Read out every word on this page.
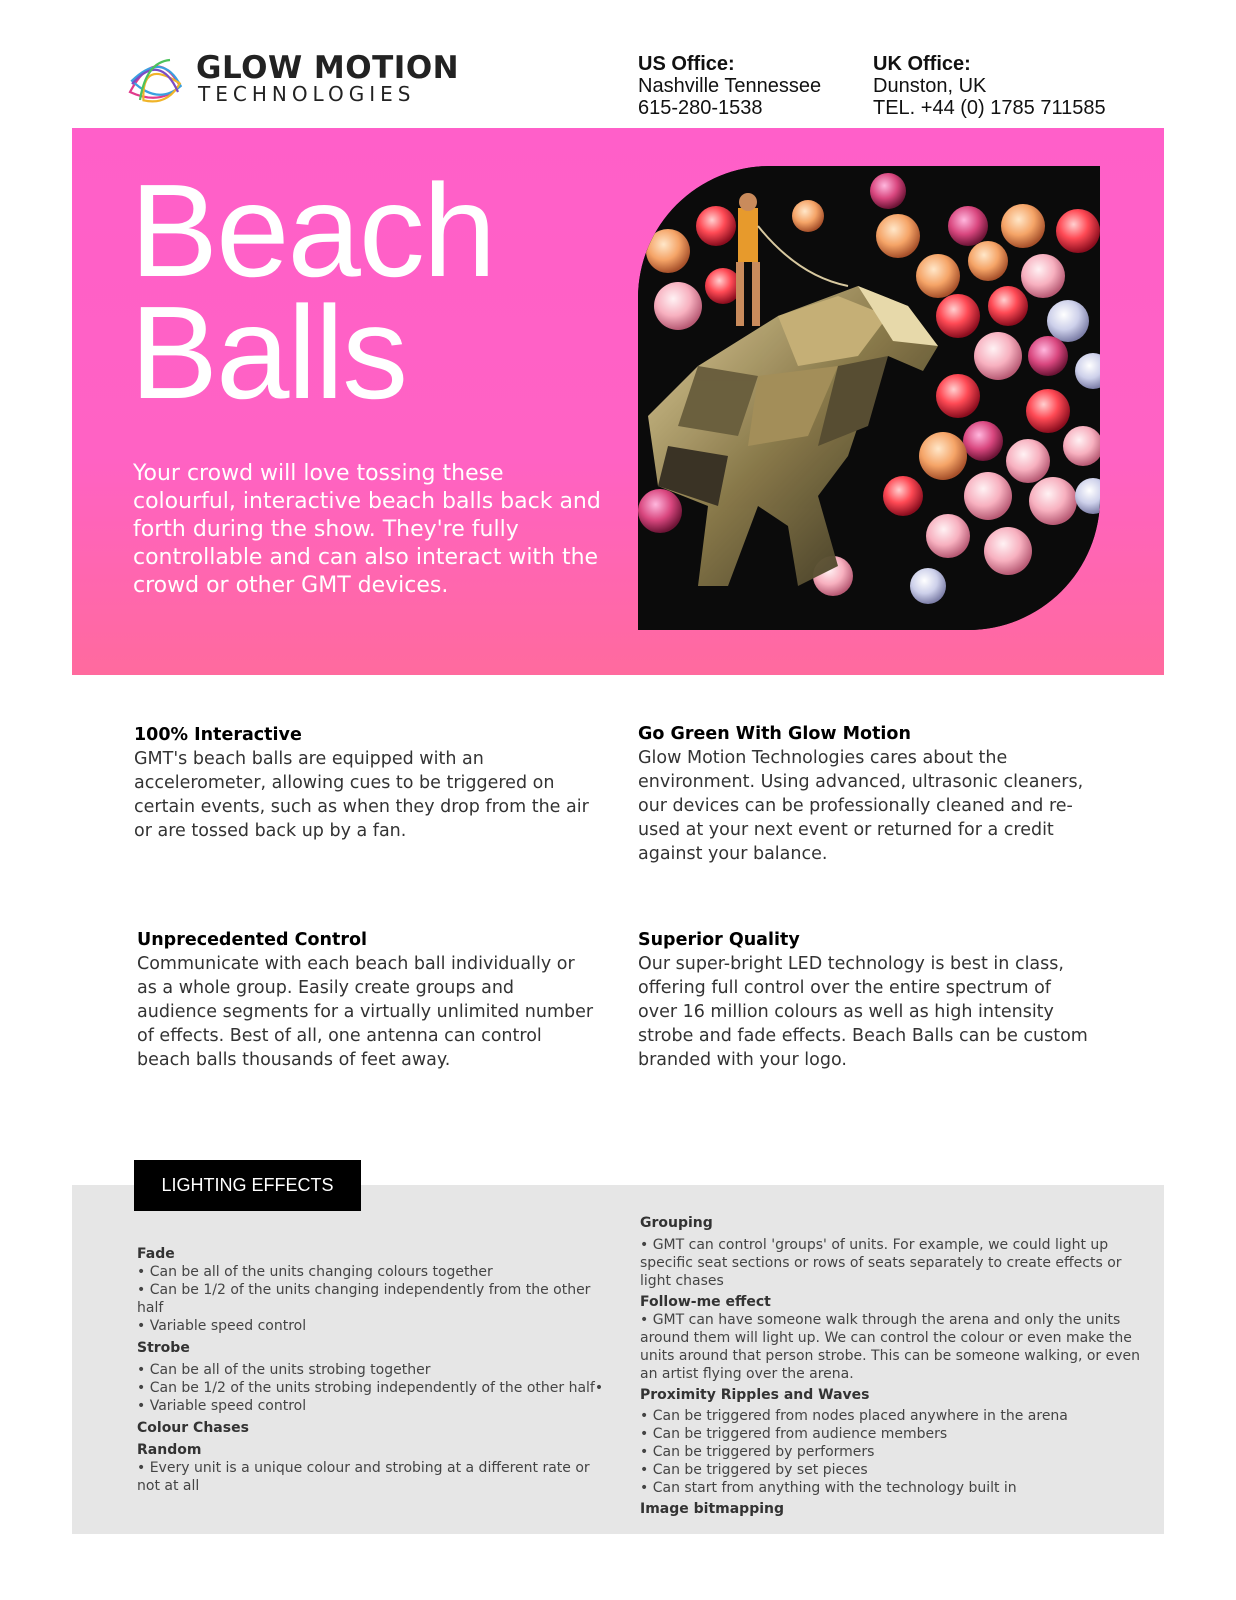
GLOW MOTION
TECHNOLOGIES
US Office:
Nashville Tennessee
615-280-1538
UK Office:
Dunston, UK
TEL. +44 (0) 1785 711585
Beach
Balls
Your crowd will love tossing these colourful, interactive beach balls back and forth during the show. They're fully controllable and can also interact with the crowd or other GMT devices.
100% Interactive
GMT's beach balls are equipped with an accelerometer, allowing cues to be triggered on certain events, such as when they drop from the air or are tossed back up by a fan.
Go Green With Glow Motion
Glow Motion Technologies cares about the environment. Using advanced, ultrasonic cleaners, our devices can be professionally cleaned and re-used at your next event or returned for a credit against your balance.
Unprecedented Control
Communicate with each beach ball individually or as a whole group. Easily create groups and audience segments for a virtually unlimited number of effects. Best of all, one antenna can control beach balls thousands of feet away.
Superior Quality
Our super-bright LED technology is best in class, offering full control over the entire spectrum of over 16 million colours as well as high intensity strobe and fade effects. Beach Balls can be custom branded with your logo.
LIGHTING EFFECTS
Fade
• Can be all of the units changing colours together
• Can be 1/2 of the units changing independently from the other half
• Variable speed control
Strobe
• Can be all of the units strobing together
• Can be 1/2 of the units strobing independently of the other half•
• Variable speed control
Colour Chases
Random
• Every unit is a unique colour and strobing at a different rate or not at all
Grouping
• GMT can control 'groups' of units. For example, we could light up specific seat sections or rows of seats separately to create effects or light chases
Follow-me effect
• GMT can have someone walk through the arena and only the units around them will light up. We can control the colour or even make the units around that person strobe. This can be someone walking, or even an artist flying over the arena.
Proximity Ripples and Waves
• Can be triggered from nodes placed anywhere in the arena
• Can be triggered from audience members
• Can be triggered by performers
• Can be triggered by set pieces
• Can start from anything with the technology built in
Image bitmapping
